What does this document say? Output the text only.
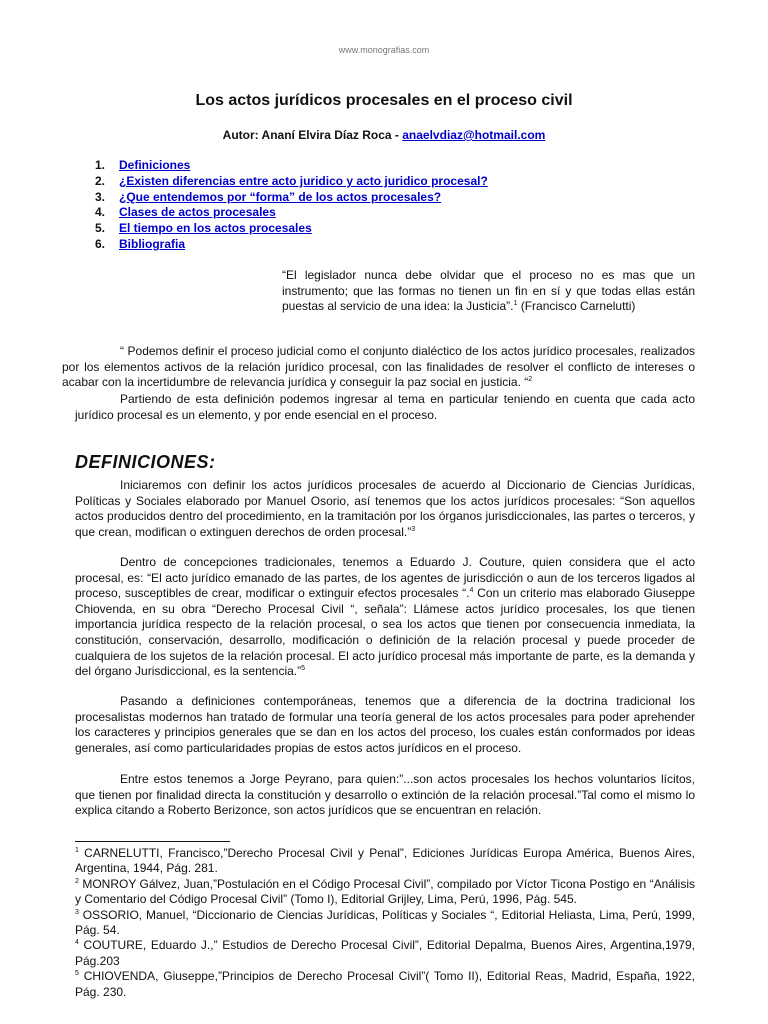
www.monografias.com
Los actos jurídicos procesales en el proceso civil
Autor: Ananí Elvira Díaz Roca - anaelvdiaz@hotmail.com
1. Definiciones
2. ¿Existen diferencias entre acto juridico y acto juridico procesal?
3. ¿Que entendemos por “forma” de los actos procesales?
4. Clases de actos procesales
5. El tiempo en los actos procesales
6. Bibliografia

“El legislador nunca debe olvidar que el proceso no es mas que un instrumento; que las formas no tienen un fin en sí y que todas ellas están puestas al servicio de una idea: la Justicia”.$^1$ (Francisco Carnelutti)

“ Podemos definir el proceso judicial como el conjunto dialéctico de los actos jurídico procesales, realizados por los elementos activos de la relación jurídico procesal, con las finalidades de resolver el conflicto de intereses o acabar con la incertidumbre de relevancia jurídica y conseguir la paz social en justicia. “$^2$

Partiendo de esta definición podemos ingresar al tema en particular teniendo en cuenta que cada acto jurídico procesal es un elemento, y por ende esencial en el proceso.

DEFINICIONES:

Iniciaremos con definir los actos jurídicos procesales de acuerdo al Diccionario de Ciencias Jurídicas, Políticas y Sociales elaborado por Manuel Osorio, así tenemos que los actos jurídicos procesales: “Son aquellos actos producidos dentro del procedimiento, en la tramitación por los órganos jurisdiccionales, las partes o terceros, y que crean, modifican o extinguen derechos de orden procesal.”$^3$

Dentro de concepciones tradicionales, tenemos a Eduardo J. Couture, quien considera que el acto procesal, es: “El acto jurídico emanado de las partes, de los agentes de jurisdicción o aun de los terceros ligados al proceso, susceptibles de crear, modificar o extinguir efectos procesales “.$^4$ Con un criterio mas elaborado Giuseppe Chiovenda, en su obra “Derecho Procesal Civil “, señala”: Llámese actos jurídico procesales, los que tienen importancia jurídica respecto de la relación procesal, o sea los actos que tienen por consecuencia inmediata, la constitución, conservación, desarrollo, modificación o definición de la relación procesal y puede proceder de cualquiera de los sujetos de la relación procesal. El acto jurídico procesal más importante de parte, es la demanda y del órgano Jurisdiccional, es la sentencia.”$^5$

Pasando a definiciones contemporáneas, tenemos que a diferencia de la doctrina tradicional los procesalistas modernos han tratado de formular una teoría general de los actos procesales para poder aprehender los caracteres y principios generales que se dan en los actos del proceso, los cuales están conformados por ideas generales, así como particularidades propias de estos actos jurídicos en el proceso.

Entre estos tenemos a Jorge Peyrano, para quien:”...son actos procesales los hechos voluntarios lícitos, que tienen por finalidad directa la constitución y desarrollo o extinción de la relación procesal.”Tal como el mismo lo explica citando a Roberto Berizonce, son actos jurídicos que se encuentran en relación.

$^1$ CARNELUTTI, Francisco,”Derecho Procesal Civil y Penal”, Ediciones Jurídicas Europa América, Buenos Aires, Argentina, 1944, Pág. 281.

$^2$ MONROY Gálvez, Juan,”Postulación en el Código Procesal Civil”, compilado por Víctor Ticona Postigo en “Análisis y Comentario del Código Procesal Civil” (Tomo I), Editorial Grijley, Lima, Perú, 1996, Pág. 545.

$^3$ OSSORIO, Manuel, “Diccionario de Ciencias Jurídicas, Políticas y Sociales “, Editorial Heliasta, Lima, Perú, 1999, Pág. 54.

$^4$ COUTURE, Eduardo J.,” Estudios de Derecho Procesal Civil”, Editorial Depalma, Buenos Aires, Argentina,1979, Pág.203

$^5$ CHIOVENDA, Giuseppe,”Principios de Derecho Procesal Civil”( Tomo II), Editorial Reas, Madrid, España, 1922, Pág. 230.
